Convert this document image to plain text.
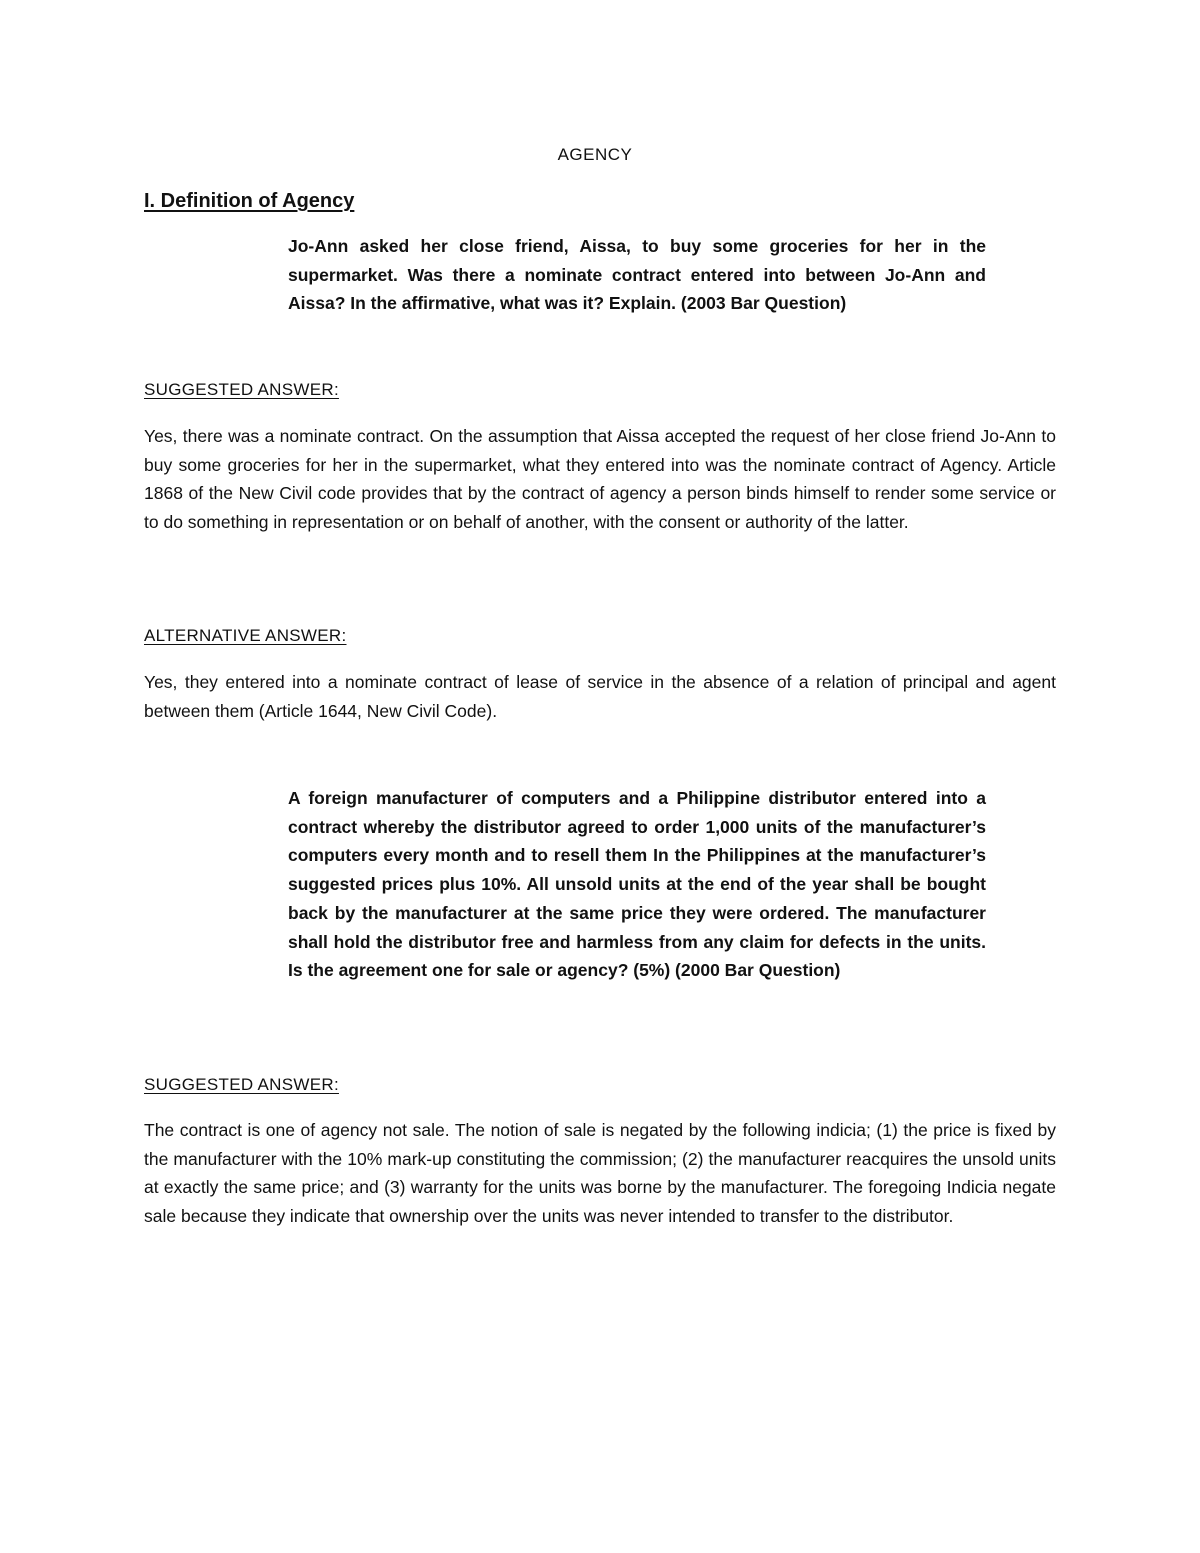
AGENCY
I. Definition of Agency
Jo-Ann asked her close friend, Aissa, to buy some groceries for her in the supermarket. Was there a nominate contract entered into between Jo-Ann and Aissa? In the affirmative, what was it? Explain. (2003 Bar Question)
SUGGESTED ANSWER:
Yes, there was a nominate contract. On the assumption that Aissa accepted the request of her close friend Jo-Ann to buy some groceries for her in the supermarket, what they entered into was the nominate contract of Agency. Article 1868 of the New Civil code provides that by the contract of agency a person binds himself to render some service or to do something in representation or on behalf of another, with the consent or authority of the latter.
ALTERNATIVE ANSWER:
Yes, they entered into a nominate contract of lease of service in the absence of a relation of principal and agent between them (Article 1644, New Civil Code).
A foreign manufacturer of computers and a Philippine distributor entered into a contract whereby the distributor agreed to order 1,000 units of the manufacturer’s computers every month and to resell them In the Philippines at the manufacturer’s suggested prices plus 10%. All unsold units at the end of the year shall be bought back by the manufacturer at the same price they were ordered. The manufacturer shall hold the distributor free and harmless from any claim for defects in the units. Is the agreement one for sale or agency? (5%) (2000 Bar Question)
SUGGESTED ANSWER:
The contract is one of agency not sale. The notion of sale is negated by the following indicia; (1) the price is fixed by the manufacturer with the 10% mark-up constituting the commission; (2) the manufacturer reacquires the unsold units at exactly the same price; and (3) warranty for the units was borne by the manufacturer. The foregoing Indicia negate sale because they indicate that ownership over the units was never intended to transfer to the distributor.
